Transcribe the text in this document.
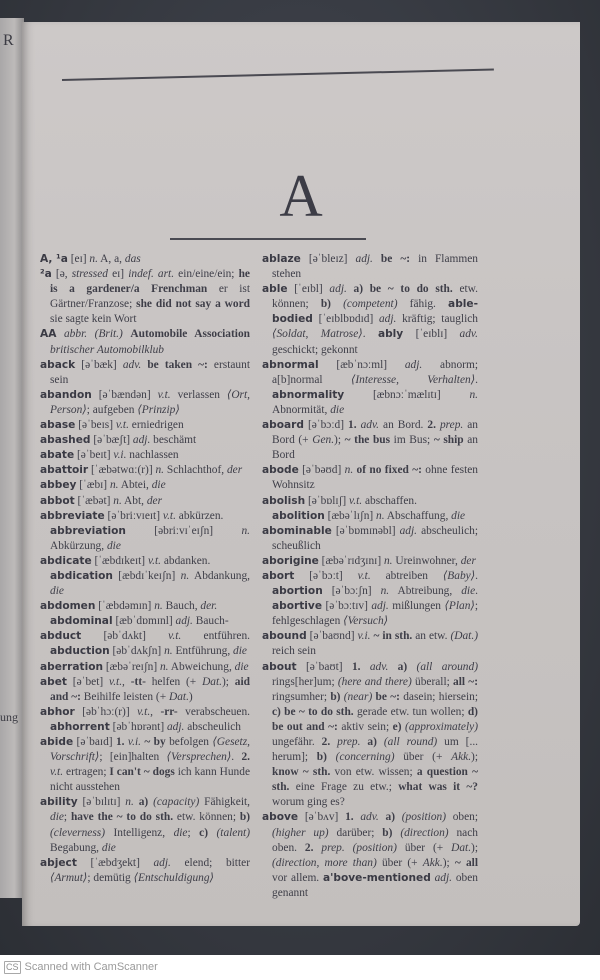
R
ung
A

A, ¹a [eɪ] n. A, a, das

²a [ə, stressed eɪ] indef. art. ein/eine/ein; he is a gardener/a Frenchman er ist Gärtner/Franzose; she did not say a word sie sagte kein Wort

AA abbr. (Brit.) Automobile Association britischer Automobilklub

aback [əˈbæk] adv. be taken ~: erstaunt sein

abandon [əˈbændən] v.t. verlassen ⟨Ort, Person⟩; aufgeben ⟨Prinzip⟩

abase [əˈbeɪs] v.t. erniedrigen

abashed [əˈbæʃt] adj. beschämt

abate [əˈbeɪt] v.i. nachlassen

abattoir [ˈæbətwɑː(r)] n. Schlachthof, der

abbey [ˈæbɪ] n. Abtei, die

abbot [ˈæbət] n. Abt, der

abbreviate [əˈbriːvɪeɪt] v.t. abkürzen.

abbreviation [əbriːvɪˈeɪʃn] n. Abkürzung, die

abdicate [ˈæbdɪkeɪt] v.t. abdanken.

abdication [æbdɪˈkeɪʃn] n. Abdankung, die

abdomen [ˈæbdəmɪn] n. Bauch, der.

abdominal [æbˈdɒmɪnl] adj. Bauch-

abduct [əbˈdʌkt] v.t. entführen. abduction [əbˈdʌkʃn] n. Entführung, die

aberration [æbəˈreɪʃn] n. Abweichung, die

abet [əˈbet] v.t., -tt- helfen (+ Dat.); aid and ~: Beihilfe leisten (+ Dat.)

abhor [əbˈhɔː(r)] v.t., -rr- verabscheuen. abhorrent [əbˈhɒrənt] adj. abscheulich

abide [əˈbaɪd] 1. v.i. ~ by befolgen ⟨Gesetz, Vorschrift⟩; [ein]halten ⟨Versprechen⟩. 2. v.t. ertragen; I can't ~ dogs ich kann Hunde nicht ausstehen

ability [əˈbɪlɪtɪ] n. a) (capacity) Fähigkeit, die; have the ~ to do sth. etw. können; b) (cleverness) Intelligenz, die; c) (talent) Begabung, die

abject [ˈæbdʒekt] adj. elend; bitter ⟨Armut⟩; demütig ⟨Entschuldigung⟩

ablaze [əˈbleɪz] adj. be ~: in Flammen stehen

able [ˈeɪbl] adj. a) be ~ to do sth. etw. können; b) (competent) fähig. able-bodied [ˈeɪblbɒdɪd] adj. kräftig; tauglich ⟨Soldat, Matrose⟩. ably [ˈeɪblɪ] adv. geschickt; gekonnt

abnormal [æbˈnɔːml] adj. abnorm; a[b]normal ⟨Interesse, Verhalten⟩. abnormality [æbnɔːˈmælɪtɪ] n. Abnormität, die

aboard [əˈbɔːd] 1. adv. an Bord. 2. prep. an Bord (+ Gen.); ~ the bus im Bus; ~ ship an Bord

abode [əˈbəʊd] n. of no fixed ~: ohne festen Wohnsitz

abolish [əˈbɒlɪʃ] v.t. abschaffen.

abolition [æbəˈlɪʃn] n. Abschaffung, die

abominable [əˈbɒmɪnəbl] adj. abscheulich; scheußlich

aborigine [æbəˈrɪdʒɪnɪ] n. Ureinwohner, der

abort [əˈbɔːt] v.t. abtreiben ⟨Baby⟩. abortion [əˈbɔːʃn] n. Abtreibung, die. abortive [əˈbɔːtɪv] adj. mißlungen ⟨Plan⟩; fehlgeschlagen ⟨Versuch⟩

abound [əˈbaʊnd] v.i. ~ in sth. an etw. (Dat.) reich sein

about [əˈbaʊt] 1. adv. a) (all around) rings[her]um; (here and there) überall; all ~: ringsumher; b) (near) be ~: dasein; hiersein; c) be ~ to do sth. gerade etw. tun wollen; d) be out and ~: aktiv sein; e) (approximately) ungefähr. 2. prep. a) (all round) um [... herum]; b) (concerning) über (+ Akk.); know ~ sth. von etw. wissen; a question ~ sth. eine Frage zu etw.; what was it ~? worum ging es?

above [əˈbʌv] 1. adv. a) (position) oben; (higher up) darüber; b) (direction) nach oben. 2. prep. (position) über (+ Dat.); (direction, more than) über (+ Akk.); ~ all vor allem. a'bove-mentioned adj. oben genannt

CS Scanned with CamScanner
